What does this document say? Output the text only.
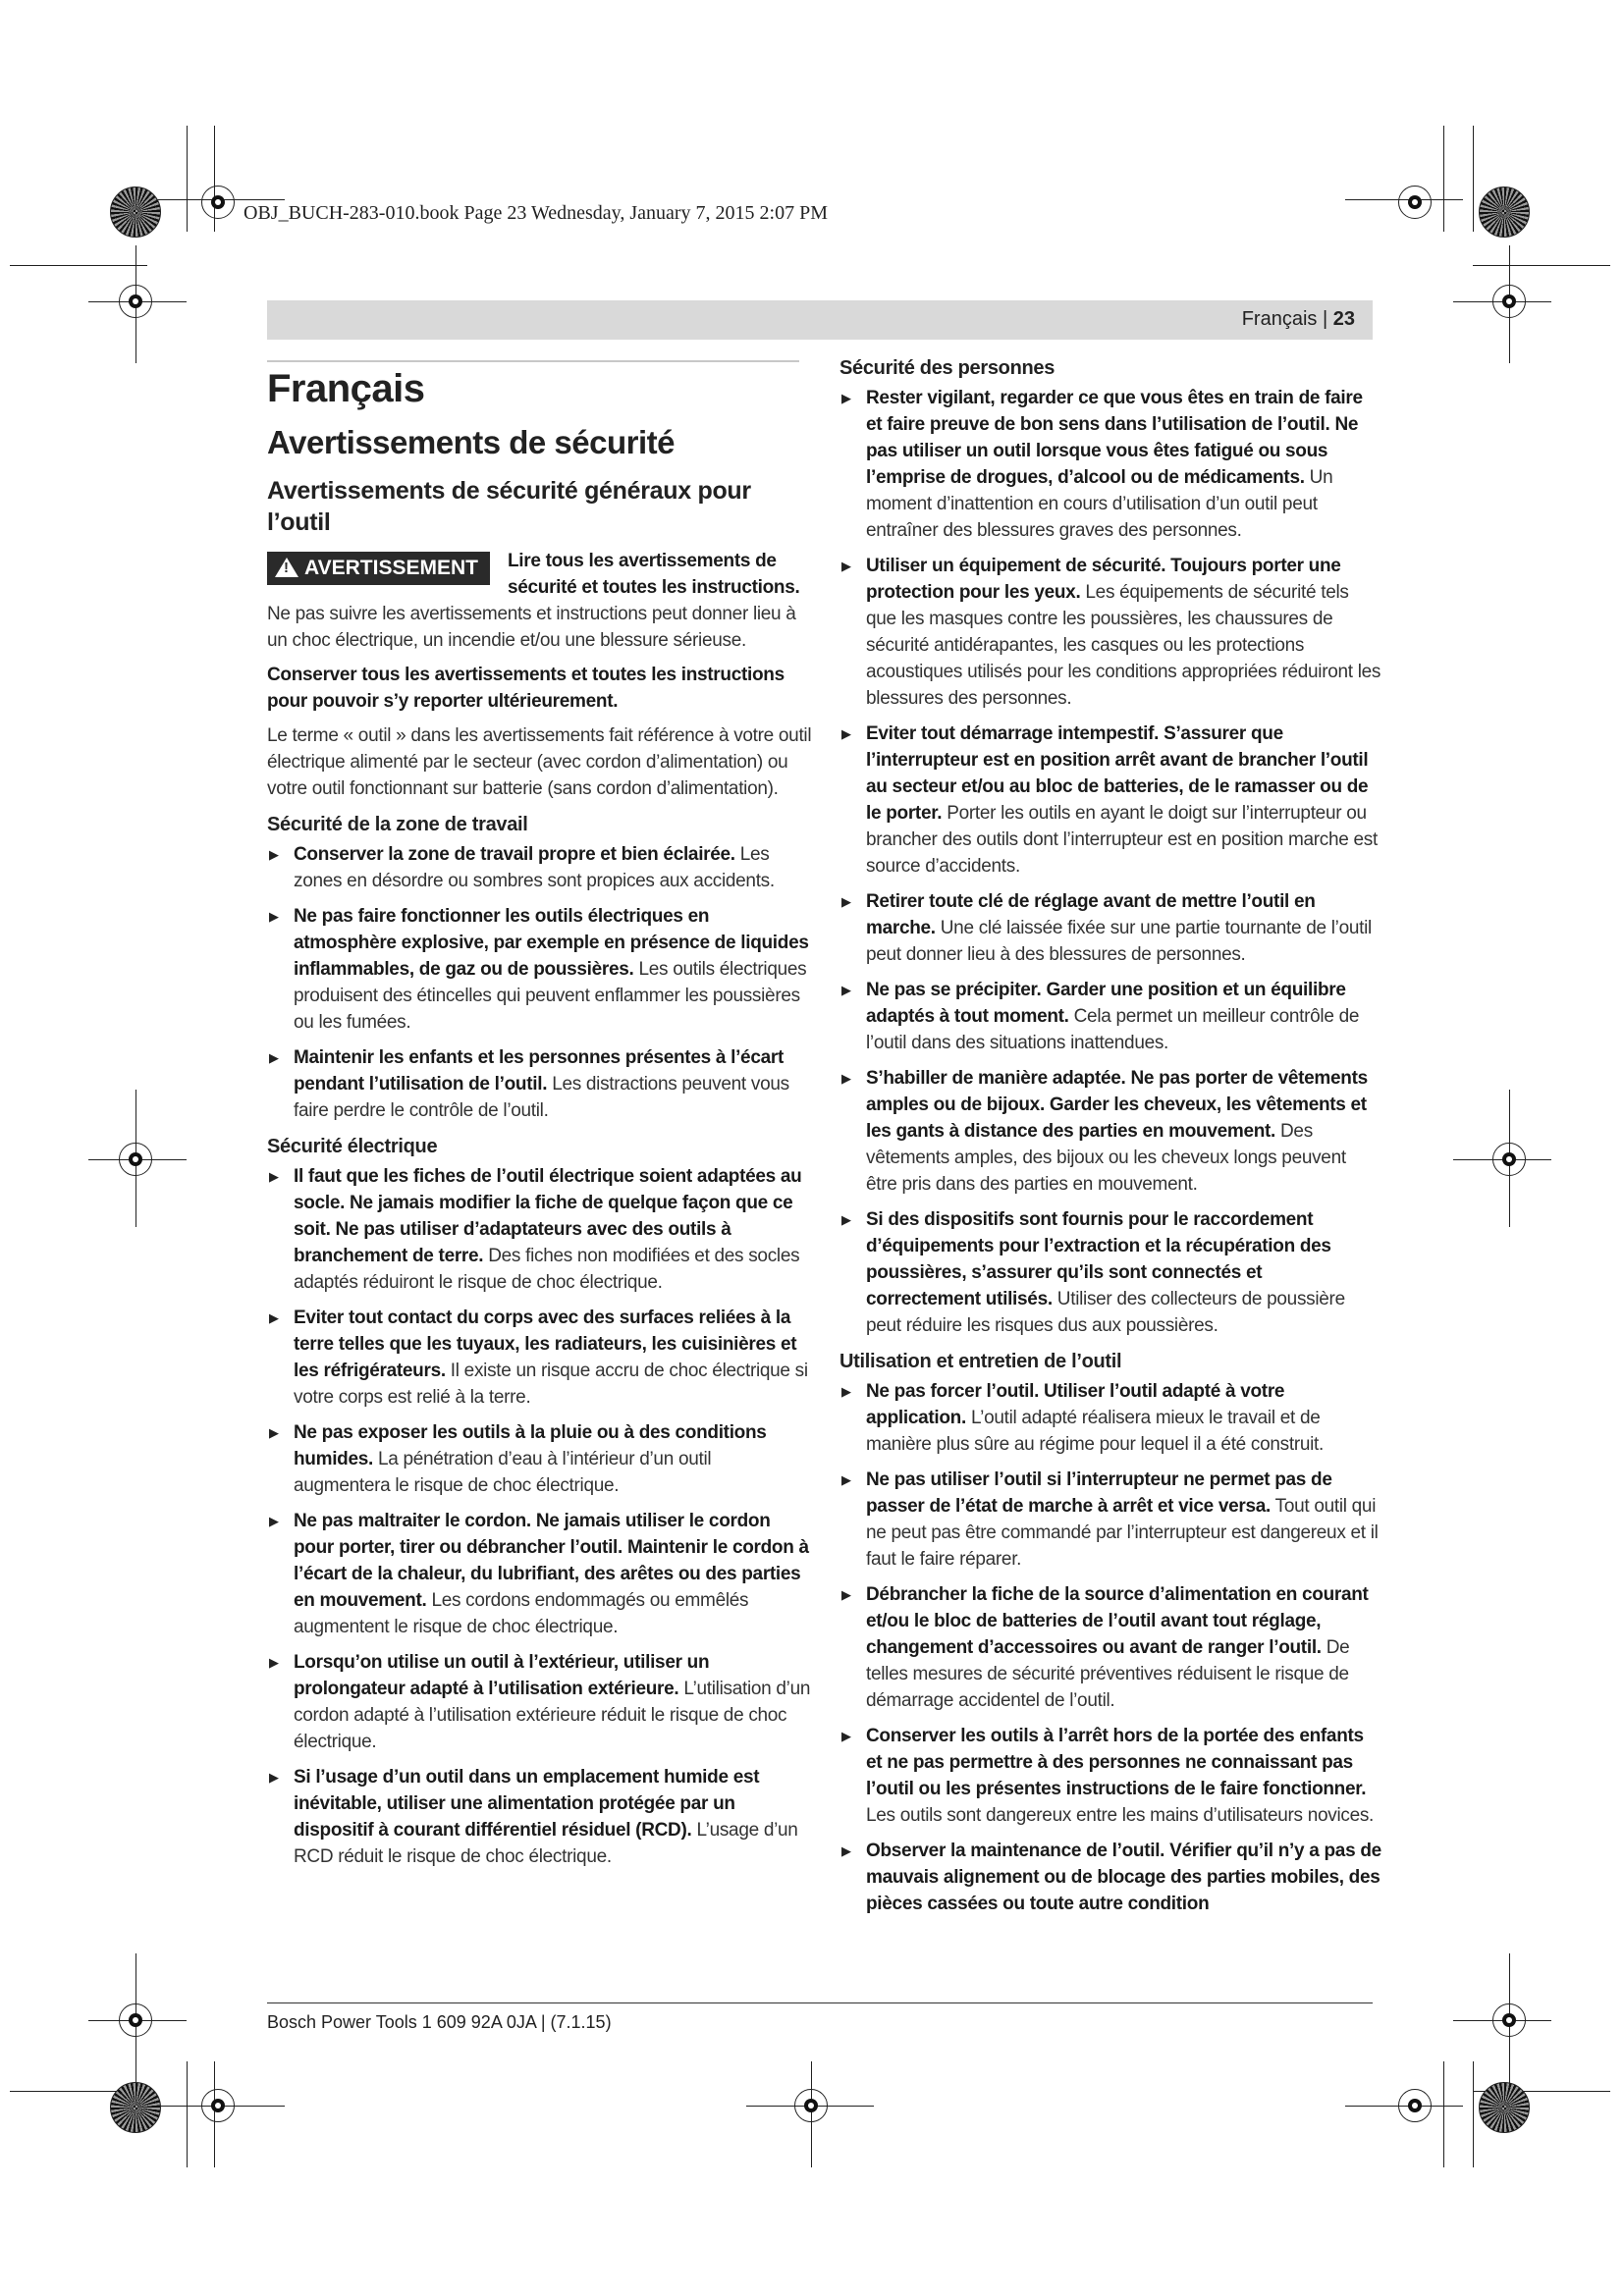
OBJ_BUCH-283-010.book Page 23 Wednesday, January 7, 2015 2:07 PM
Français | 23
Français
Avertissements de sécurité
Avertissements de sécurité généraux pour l’outil
! AVERTISSEMENT	Lire tous les avertissements de sécurité et toutes les instructions. Ne pas suivre les avertissements et instructions peut donner lieu à un choc électrique, un incendie et/ou une blessure sérieuse.

Conserver tous les avertissements et toutes les instructions pour pouvoir s’y reporter ultérieurement.

Le terme « outil » dans les avertissements fait référence à votre outil électrique alimenté par le secteur (avec cordon d’alimentation) ou votre outil fonctionnant sur batterie (sans cordon d’alimentation).

Sécurité de la zone de travail
▶ Conserver la zone de travail propre et bien éclairée. Les zones en désordre ou sombres sont propices aux accidents.
▶ Ne pas faire fonctionner les outils électriques en atmosphère explosive, par exemple en présence de liquides inflammables, de gaz ou de poussières. Les outils électriques produisent des étincelles qui peuvent enflammer les poussières ou les fumées.
▶ Maintenir les enfants et les personnes présentes à l’écart pendant l’utilisation de l’outil. Les distractions peuvent vous faire perdre le contrôle de l’outil.
Sécurité électrique
▶ Il faut que les fiches de l’outil électrique soient adaptées au socle. Ne jamais modifier la fiche de quelque façon que ce soit. Ne pas utiliser d’adaptateurs avec des outils à branchement de terre. Des fiches non modifiées et des socles adaptés réduiront le risque de choc électrique.
▶ Eviter tout contact du corps avec des surfaces reliées à la terre telles que les tuyaux, les radiateurs, les cuisinières et les réfrigérateurs. Il existe un risque accru de choc électrique si votre corps est relié à la terre.
▶ Ne pas exposer les outils à la pluie ou à des conditions humides. La pénétration d’eau à l’intérieur d’un outil augmentera le risque de choc électrique.
▶ Ne pas maltraiter le cordon. Ne jamais utiliser le cordon pour porter, tirer ou débrancher l’outil. Maintenir le cordon à l’écart de la chaleur, du lubrifiant, des arêtes ou des parties en mouvement. Les cordons endommagés ou emmêlés augmentent le risque de choc électrique.
▶ Lorsqu’on utilise un outil à l’extérieur, utiliser un prolongateur adapté à l’utilisation extérieure. L’utilisation d’un cordon adapté à l’utilisation extérieure réduit le risque de choc électrique.
▶ Si l’usage d’un outil dans un emplacement humide est inévitable, utiliser une alimentation protégée par un dispositif à courant différentiel résiduel (RCD). L’usage d’un RCD réduit le risque de choc électrique.
Sécurité des personnes
▶ Rester vigilant, regarder ce que vous êtes en train de faire et faire preuve de bon sens dans l’utilisation de l’outil. Ne pas utiliser un outil lorsque vous êtes fatigué ou sous l’emprise de drogues, d’alcool ou de médicaments. Un moment d’inattention en cours d’utilisation d’un outil peut entraîner des blessures graves des personnes.
▶ Utiliser un équipement de sécurité. Toujours porter une protection pour les yeux. Les équipements de sécurité tels que les masques contre les poussières, les chaussures de sécurité antidérapantes, les casques ou les protections acoustiques utilisés pour les conditions appropriées réduiront les blessures des personnes.
▶ Eviter tout démarrage intempestif. S’assurer que l’interrupteur est en position arrêt avant de brancher l’outil au secteur et/ou au bloc de batteries, de le ramasser ou de le porter. Porter les outils en ayant le doigt sur l’interrupteur ou brancher des outils dont l’interrupteur est en position marche est source d’accidents.
▶ Retirer toute clé de réglage avant de mettre l’outil en marche. Une clé laissée fixée sur une partie tournante de l’outil peut donner lieu à des blessures de personnes.
▶ Ne pas se précipiter. Garder une position et un équilibre adaptés à tout moment. Cela permet un meilleur contrôle de l’outil dans des situations inattendues.
▶ S’habiller de manière adaptée. Ne pas porter de vêtements amples ou de bijoux. Garder les cheveux, les vêtements et les gants à distance des parties en mouvement. Des vêtements amples, des bijoux ou les cheveux longs peuvent être pris dans des parties en mouvement.
▶ Si des dispositifs sont fournis pour le raccordement d’équipements pour l’extraction et la récupération des poussières, s’assurer qu’ils sont connectés et correctement utilisés. Utiliser des collecteurs de poussière peut réduire les risques dus aux poussières.
Utilisation et entretien de l’outil
▶ Ne pas forcer l’outil. Utiliser l’outil adapté à votre application. L’outil adapté réalisera mieux le travail et de manière plus sûre au régime pour lequel il a été construit.
▶ Ne pas utiliser l’outil si l’interrupteur ne permet pas de passer de l’état de marche à arrêt et vice versa. Tout outil qui ne peut pas être commandé par l’interrupteur est dangereux et il faut le faire réparer.
▶ Débrancher la fiche de la source d’alimentation en courant et/ou le bloc de batteries de l’outil avant tout réglage, changement d’accessoires ou avant de ranger l’outil. De telles mesures de sécurité préventives réduisent le risque de démarrage accidentel de l’outil.
▶ Conserver les outils à l’arrêt hors de la portée des enfants et ne pas permettre à des personnes ne connaissant pas l’outil ou les présentes instructions de le faire fonctionner. Les outils sont dangereux entre les mains d’utilisateurs novices.
▶ Observer la maintenance de l’outil. Vérifier qu’il n’y a pas de mauvais alignement ou de blocage des parties mobiles, des pièces cassées ou toute autre condition
Bosch Power Tools 1 609 92A 0JA | (7.1.15)
